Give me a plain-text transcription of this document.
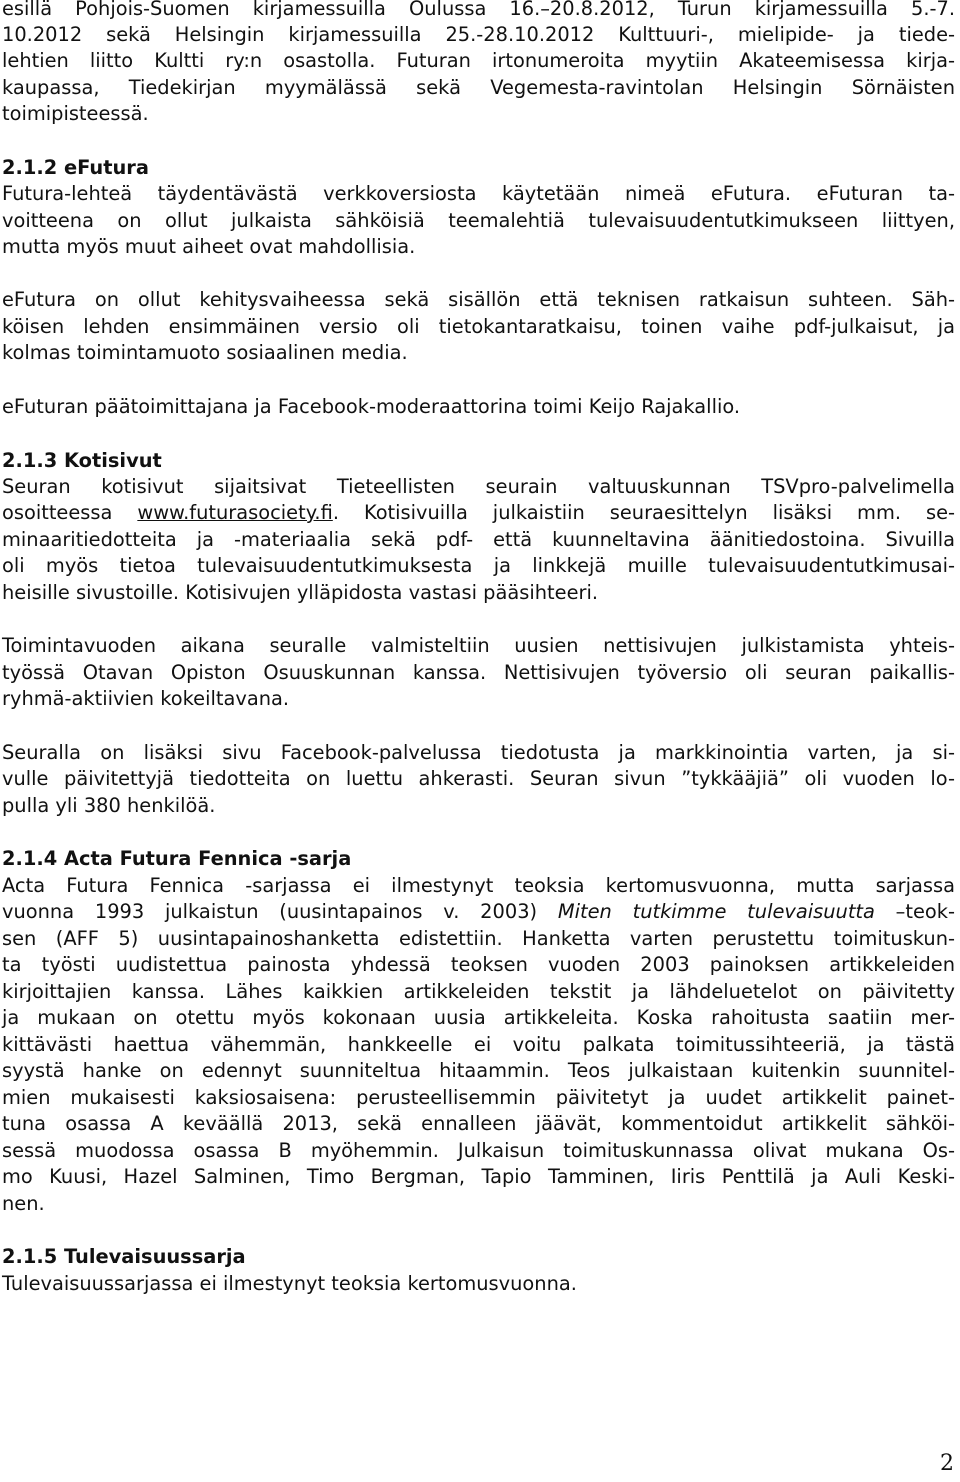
esillä Pohjois-Suomen kirjamessuilla Oulussa 16.–20.8.2012, Turun kirjamessuilla 5.-7.
10.2012 sekä Helsingin kirjamessuilla 25.-28.10.2012 Kulttuuri-, mielipide- ja tiede-
lehtien liitto Kultti ry:n osastolla. Futuran irtonumeroita myytiin Akateemisessa kirja-
kaupassa, Tiedekirjan myymälässä sekä Vegemesta-ravintolan Helsingin Sörnäisten
toimipisteessä.
2.1.2 eFutura
Futura-lehteä täydentävästä verkkoversiosta käytetään nimeä eFutura. eFuturan ta-
voitteena on ollut julkaista sähköisiä teemalehtiä tulevaisuudentutkimukseen liittyen,
mutta myös muut aiheet ovat mahdollisia.
eFutura on ollut kehitysvaiheessa sekä sisällön että teknisen ratkaisun suhteen. Säh-
köisen lehden ensimmäinen versio oli tietokantaratkaisu, toinen vaihe pdf-julkaisut, ja
kolmas toimintamuoto sosiaalinen media.
eFuturan päätoimittajana ja Facebook-moderaattorina toimi Keijo Rajakallio.
2.1.3 Kotisivut
Seuran kotisivut sijaitsivat Tieteellisten seurain valtuuskunnan TSVpro-palvelimella
osoitteessa www.futurasociety.fi. Kotisivuilla julkaistiin seuraesittelyn lisäksi mm. se-
minaaritiedotteita ja -materiaalia sekä pdf- että kuunneltavina äänitiedostoina. Sivuilla
oli myös tietoa tulevaisuudentutkimuksesta ja linkkejä muille tulevaisuudentutkimusai-
heisille sivustoille. Kotisivujen ylläpidosta vastasi pääsihteeri.
Toimintavuoden aikana seuralle valmisteltiin uusien nettisivujen julkistamista yhteis-
työssä Otavan Opiston Osuuskunnan kanssa. Nettisivujen työversio oli seuran paikallis-
ryhmä-aktiivien kokeiltavana.
Seuralla on lisäksi sivu Facebook-palvelussa tiedotusta ja markkinointia varten, ja si-
vulle päivitettyjä tiedotteita on luettu ahkerasti. Seuran sivun ”tykkääjiä” oli vuoden lo-
pulla yli 380 henkilöä.
2.1.4 Acta Futura Fennica -sarja
Acta Futura Fennica -sarjassa ei ilmestynyt teoksia kertomusvuonna, mutta sarjassa
vuonna 1993 julkaistun (uusintapainos v. 2003) Miten tutkimme tulevaisuutta –teok-
sen (AFF 5) uusintapainoshanketta edistettiin. Hanketta varten perustettu toimituskun-
ta työsti uudistettua painosta yhdessä teoksen vuoden 2003 painoksen artikkeleiden
kirjoittajien kanssa. Lähes kaikkien artikkeleiden tekstit ja lähdeluetelot on päivitetty
ja mukaan on otettu myös kokonaan uusia artikkeleita. Koska rahoitusta saatiin mer-
kittävästi haettua vähemmän, hankkeelle ei voitu palkata toimitussihteeriä, ja tästä
syystä hanke on edennyt suunniteltua hitaammin. Teos julkaistaan kuitenkin suunnitel-
mien mukaisesti kaksiosaisena: perusteellisemmin päivitetyt ja uudet artikkelit painet-
tuna osassa A keväällä 2013, sekä ennalleen jäävät, kommentoidut artikkelit sähköi-
sessä muodossa osassa B myöhemmin. Julkaisun toimituskunnassa olivat mukana Os-
mo Kuusi, Hazel Salminen, Timo Bergman, Tapio Tamminen, Iiris Penttilä ja Auli Keski-
nen.
2.1.5 Tulevaisuussarja
Tulevaisuussarjassa ei ilmestynyt teoksia kertomusvuonna.
2
